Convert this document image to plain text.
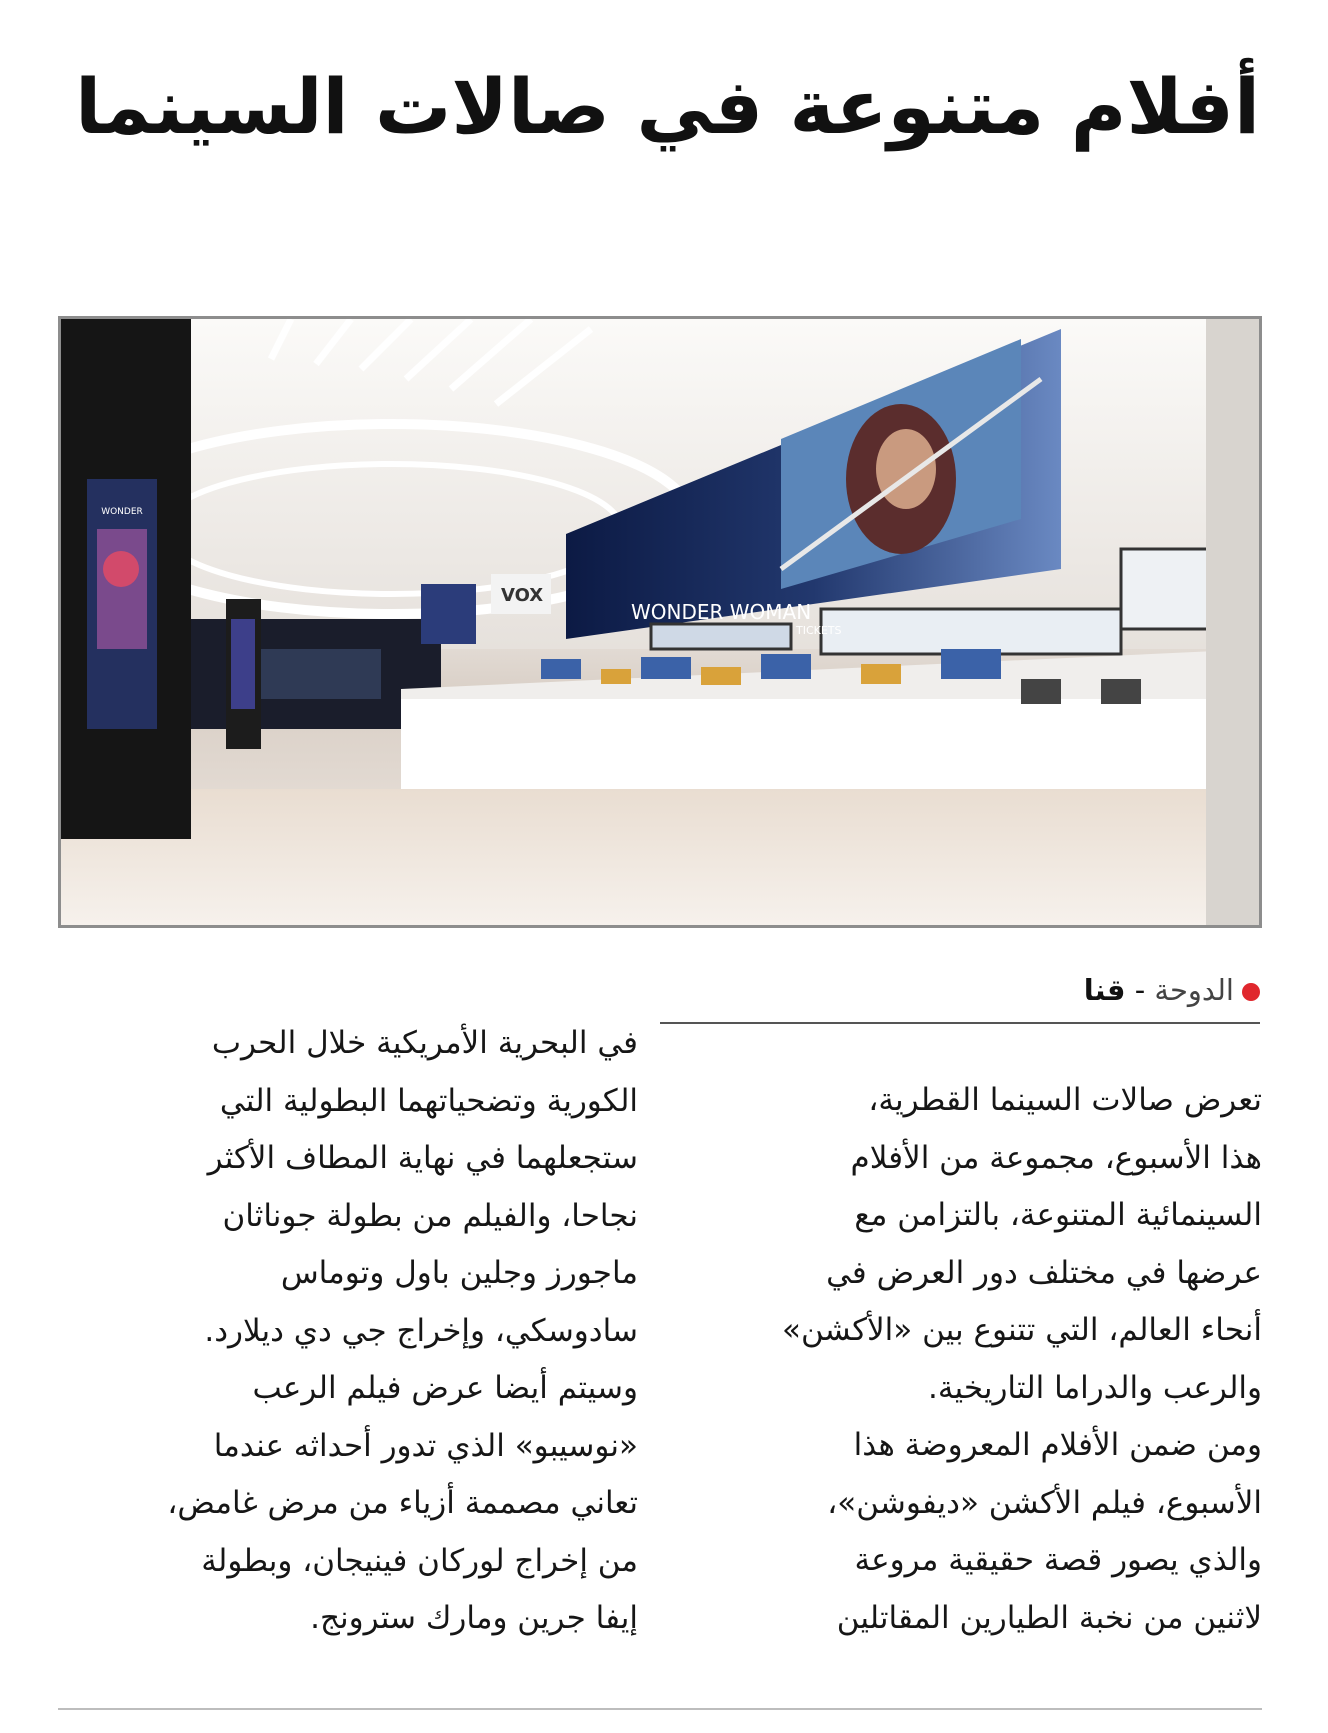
أفلام متنوعة في صالات السينما
WONDER
WONDER WOMAN
VOX
TICKETS
الدوحة - قنا

تعرض صالات السينما القطرية،

هذا الأسبوع، مجموعة من الأفلام

السينمائية المتنوعة، بالتزامن مع

عرضها في مختلف دور العرض في

أنحاء العالم، التي تتنوع بين «الأكشن»

والرعب والدراما التاريخية.

ومن ضمن الأفلام المعروضة هذا

الأسبوع، فيلم الأكشن «ديفوشن»،

والذي يصور قصة حقيقية مروعة

لاثنين من نخبة الطيارين المقاتلين

في البحرية الأمريكية خلال الحرب

الكورية وتضحياتهما البطولية التي

ستجعلهما في نهاية المطاف الأكثر

نجاحا، والفيلم من بطولة جوناثان

ماجورز وجلين باول وتوماس

سادوسكي، وإخراج جي دي ديلارد.

وسيتم أيضا عرض فيلم الرعب

«نوسيبو» الذي تدور أحداثه عندما

تعاني مصممة أزياء من مرض غامض،

من إخراج لوركان فينيجان، وبطولة

إيفا جرين ومارك سترونج.
